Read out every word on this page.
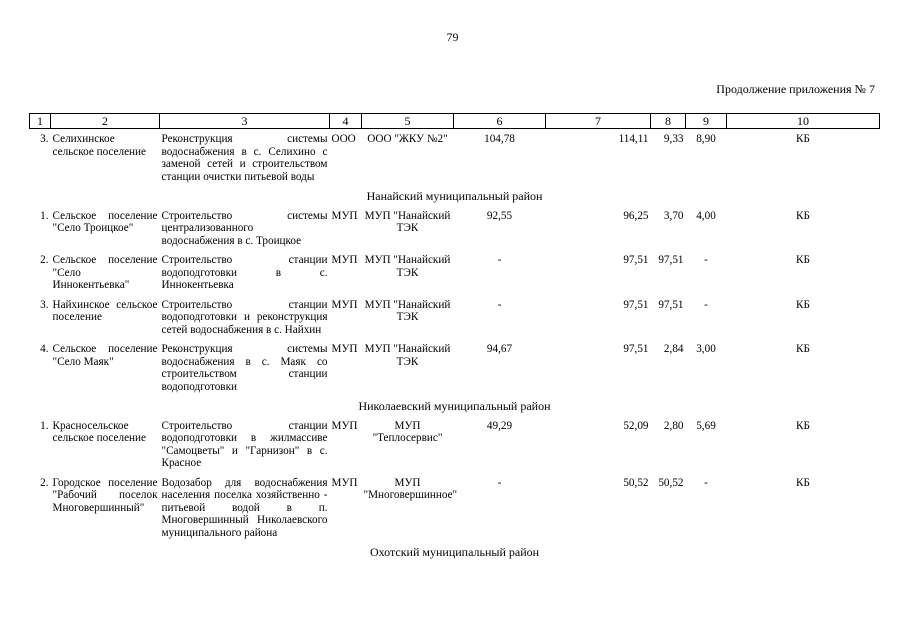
79
Продолжение приложения № 7
1	2	3	4	5	6	7	8	9	10
3.	Селихинское сельское поселение	Реконструкция системы водоснабжения в с. Селихино с заменой сетей и строительством станции очистки питьевой воды	ООО	ООО "ЖКУ №2"	104,78	114,11	9,33	8,90	КБ
Нанайский муниципальный район									
1.	Сельское поселение "Село Троицкое"	Строительство системы централизованного водоснабжения в с. Троицкое	МУП	МУП "Нанайский ТЭК	92,55	96,25	3,70	4,00	КБ
2.	Сельское поселение "Село Иннокентьевка"	Строительство станции водоподготовки в с. Иннокентьевка	МУП	МУП "Нанайский ТЭК	-	97,51	97,51	-	КБ
3.	Найхинское сельское поселение	Строительство станции водоподготовки и реконструкция сетей водоснабжения в с. Найхин	МУП	МУП "Нанайский ТЭК	-	97,51	97,51	-	КБ
4.	Сельское поселение "Село Маяк"	Реконструкция системы водоснабжения в с. Маяк со строительством станции водоподготовки	МУП	МУП "Нанайский ТЭК	94,67	97,51	2,84	3,00	КБ
Николаевский муниципальный район									
1.	Красносельское сельское поселение	Строительство станции водоподготовки в жилмассиве "Самоцветы" и "Гарнизон" в с. Красное	МУП	МУП "Теплосервис"	49,29	52,09	2,80	5,69	КБ
2.	Городское поселение "Рабочий поселок Многовершинный"	Водозабор для водоснабжения населения поселка хозяйственно - питьевой водой в п. Многовершинный Николаевского муниципального района	МУП	МУП "Многовершинное"	-	50,52	50,52	-	КБ
Охотский муниципальный район									
